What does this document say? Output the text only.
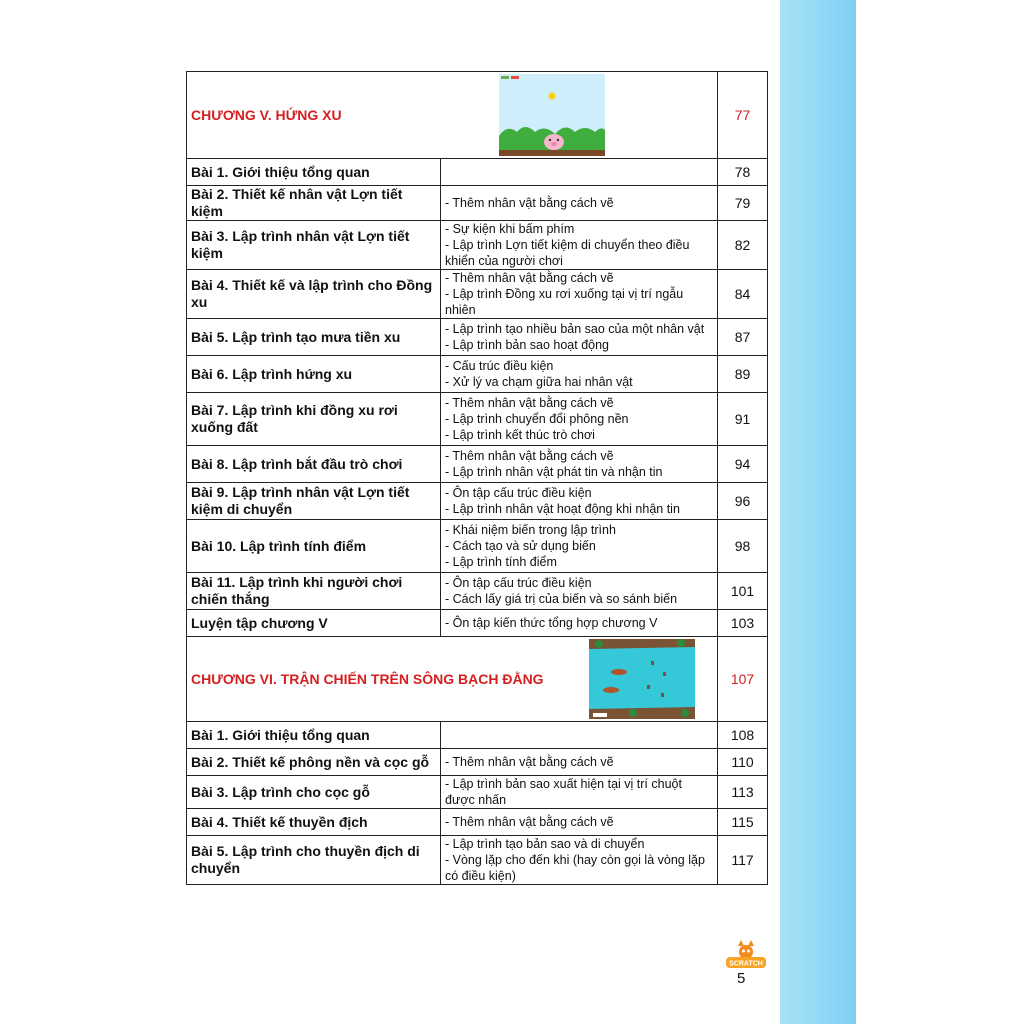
CHƯƠNG V. HỨNG XU		77
Bài 1. Giới thiệu tổng quan		78
Bài 2. Thiết kế nhân vật Lợn tiết kiệm	- Thêm nhân vật bằng cách vẽ	79
Bài 3. Lập trình nhân vật Lợn tiết kiệm	- Sự kiện khi bấm phím
- Lập trình Lợn tiết kiệm di chuyển theo điều khiển của người chơi	82
Bài 4. Thiết kế và lập trình cho Đồng xu	- Thêm nhân vật bằng cách vẽ
- Lập trình Đồng xu rơi xuống tại vị trí ngẫu nhiên	84
Bài 5. Lập trình tạo mưa tiền xu	- Lập trình tạo nhiều bản sao của một nhân vật
- Lập trình bản sao hoạt động	87
Bài 6. Lập trình hứng xu	- Cấu trúc điều kiện
- Xử lý va chạm giữa hai nhân vật	89
Bài 7. Lập trình khi đồng xu rơi xuống đất	- Thêm nhân vật bằng cách vẽ
- Lập trình chuyển đổi phông nền
- Lập trình kết thúc trò chơi	91
Bài 8. Lập trình bắt đầu trò chơi	- Thêm nhân vật bằng cách vẽ
- Lập trình nhân vật phát tin và nhận tin	94
Bài 9. Lập trình nhân vật Lợn tiết kiệm di chuyển	- Ôn tập cấu trúc điều kiện
- Lập trình nhân vật hoạt động khi nhận tin	96
Bài 10. Lập trình tính điểm	- Khái niệm biến trong lập trình
- Cách tạo và sử dụng biến
- Lập trình tính điểm	98
Bài 11. Lập trình khi người chơi chiến thắng	- Ôn tập cấu trúc điều kiện
- Cách lấy giá trị của biến và so sánh biến	101
Luyện tập chương V	- Ôn tập kiến thức tổng hợp chương V	103

CHƯƠNG VI. TRẬN CHIẾN TRÊN SÔNG BẠCH ĐẰNG		107
Bài 1. Giới thiệu tổng quan		108
Bài 2. Thiết kế phông nền và cọc gỗ	- Thêm nhân vật bằng cách vẽ	110
Bài 3. Lập trình cho cọc gỗ	- Lập trình bản sao xuất hiện tại vị trí chuột được nhấn	113
Bài 4. Thiết kế thuyền địch	- Thêm nhân vật bằng cách vẽ	115
Bài 5. Lập trình cho thuyền địch di chuyển	- Lập trình tạo bản sao và di chuyển
- Vòng lặp cho đến khi (hay còn gọi là vòng lặp có điều kiện)	117
SCRATCH
5
